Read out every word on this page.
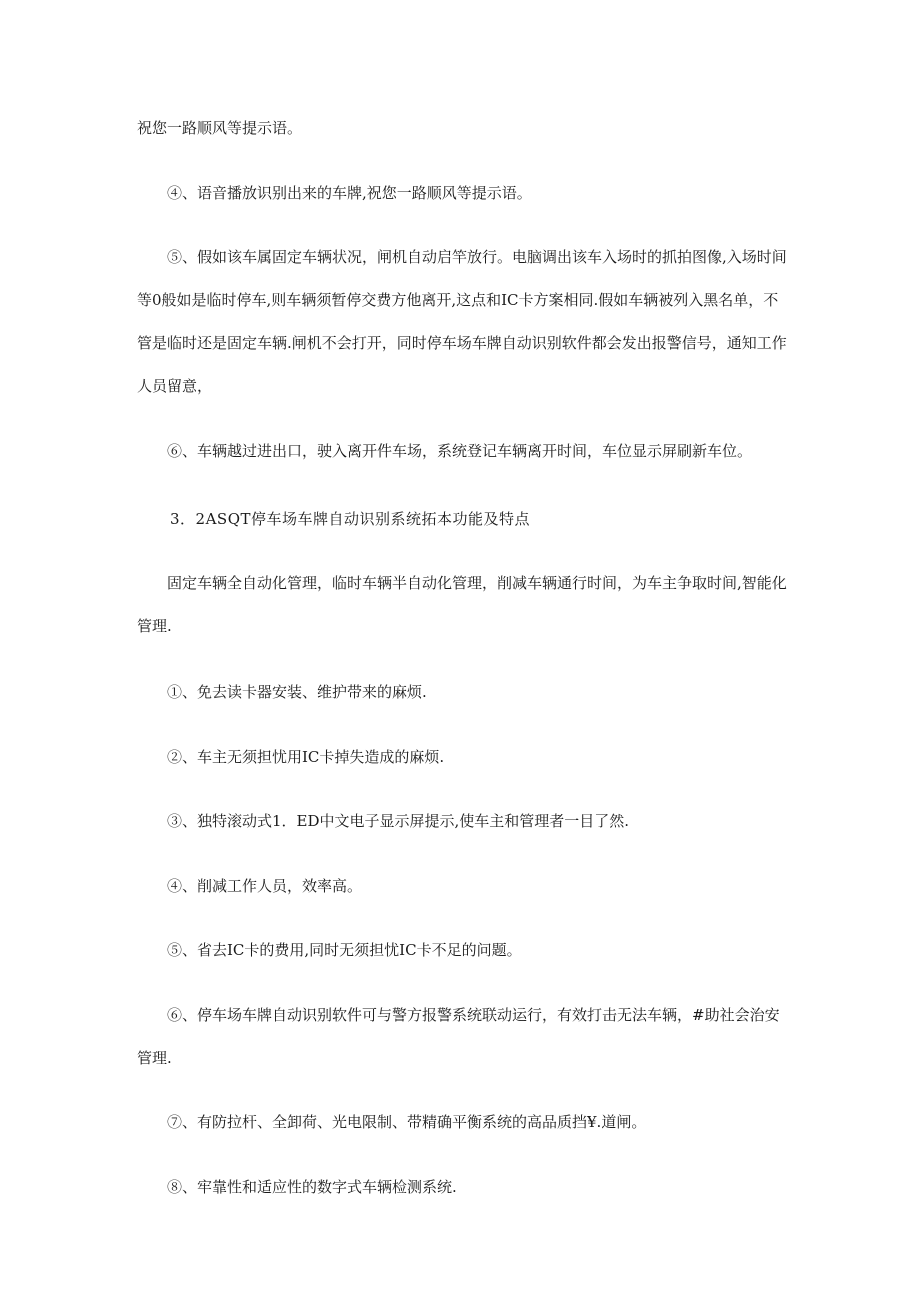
祝您一路顺风等提示语。

④、语音播放识别出来的车牌,祝您一路顺风等提示语。

⑤、假如该车属固定车辆状况，闸机自动启竿放行。电脑调出该车入场时的抓拍图像,入场时间等0般如是临时停车,则车辆须暂停交费方他离开,这点和IC卡方案相同.假如车辆被列入黑名单，不管是临时还是固定车辆.闸机不会打开，同时停车场车牌自动识别软件都会发出报警信号，通知工作人员留意，

⑥、车辆越过进出口，驶入离开件车场，系统登记车辆离开时间，车位显示屏刷新车位。

3．2ASQT停车场车牌自动识别系统拓本功能及特点

固定车辆全自动化管理，临时车辆半自动化管理，削减车辆通行时间，为车主争取时间,智能化管理.

①、免去读卡器安装、维护带来的麻烦.

②、车主无须担忧用IC卡掉失造成的麻烦.

③、独特滚动式1．ED中文电子显示屏提示,使车主和管理者一目了然.

④、削减工作人员，效率高。

⑤、省去IC卡的费用,同时无须担忧IC卡不足的问题。

⑥、停车场车牌自动识别软件可与警方报警系统联动运行，有效打击无法车辆，#助社会治安管理.

⑦、有防拉杆、全卸荷、光电限制、带精确平衡系统的高品质挡¥.道闸。

⑧、牢靠性和适应性的数字式车辆检测系统.
